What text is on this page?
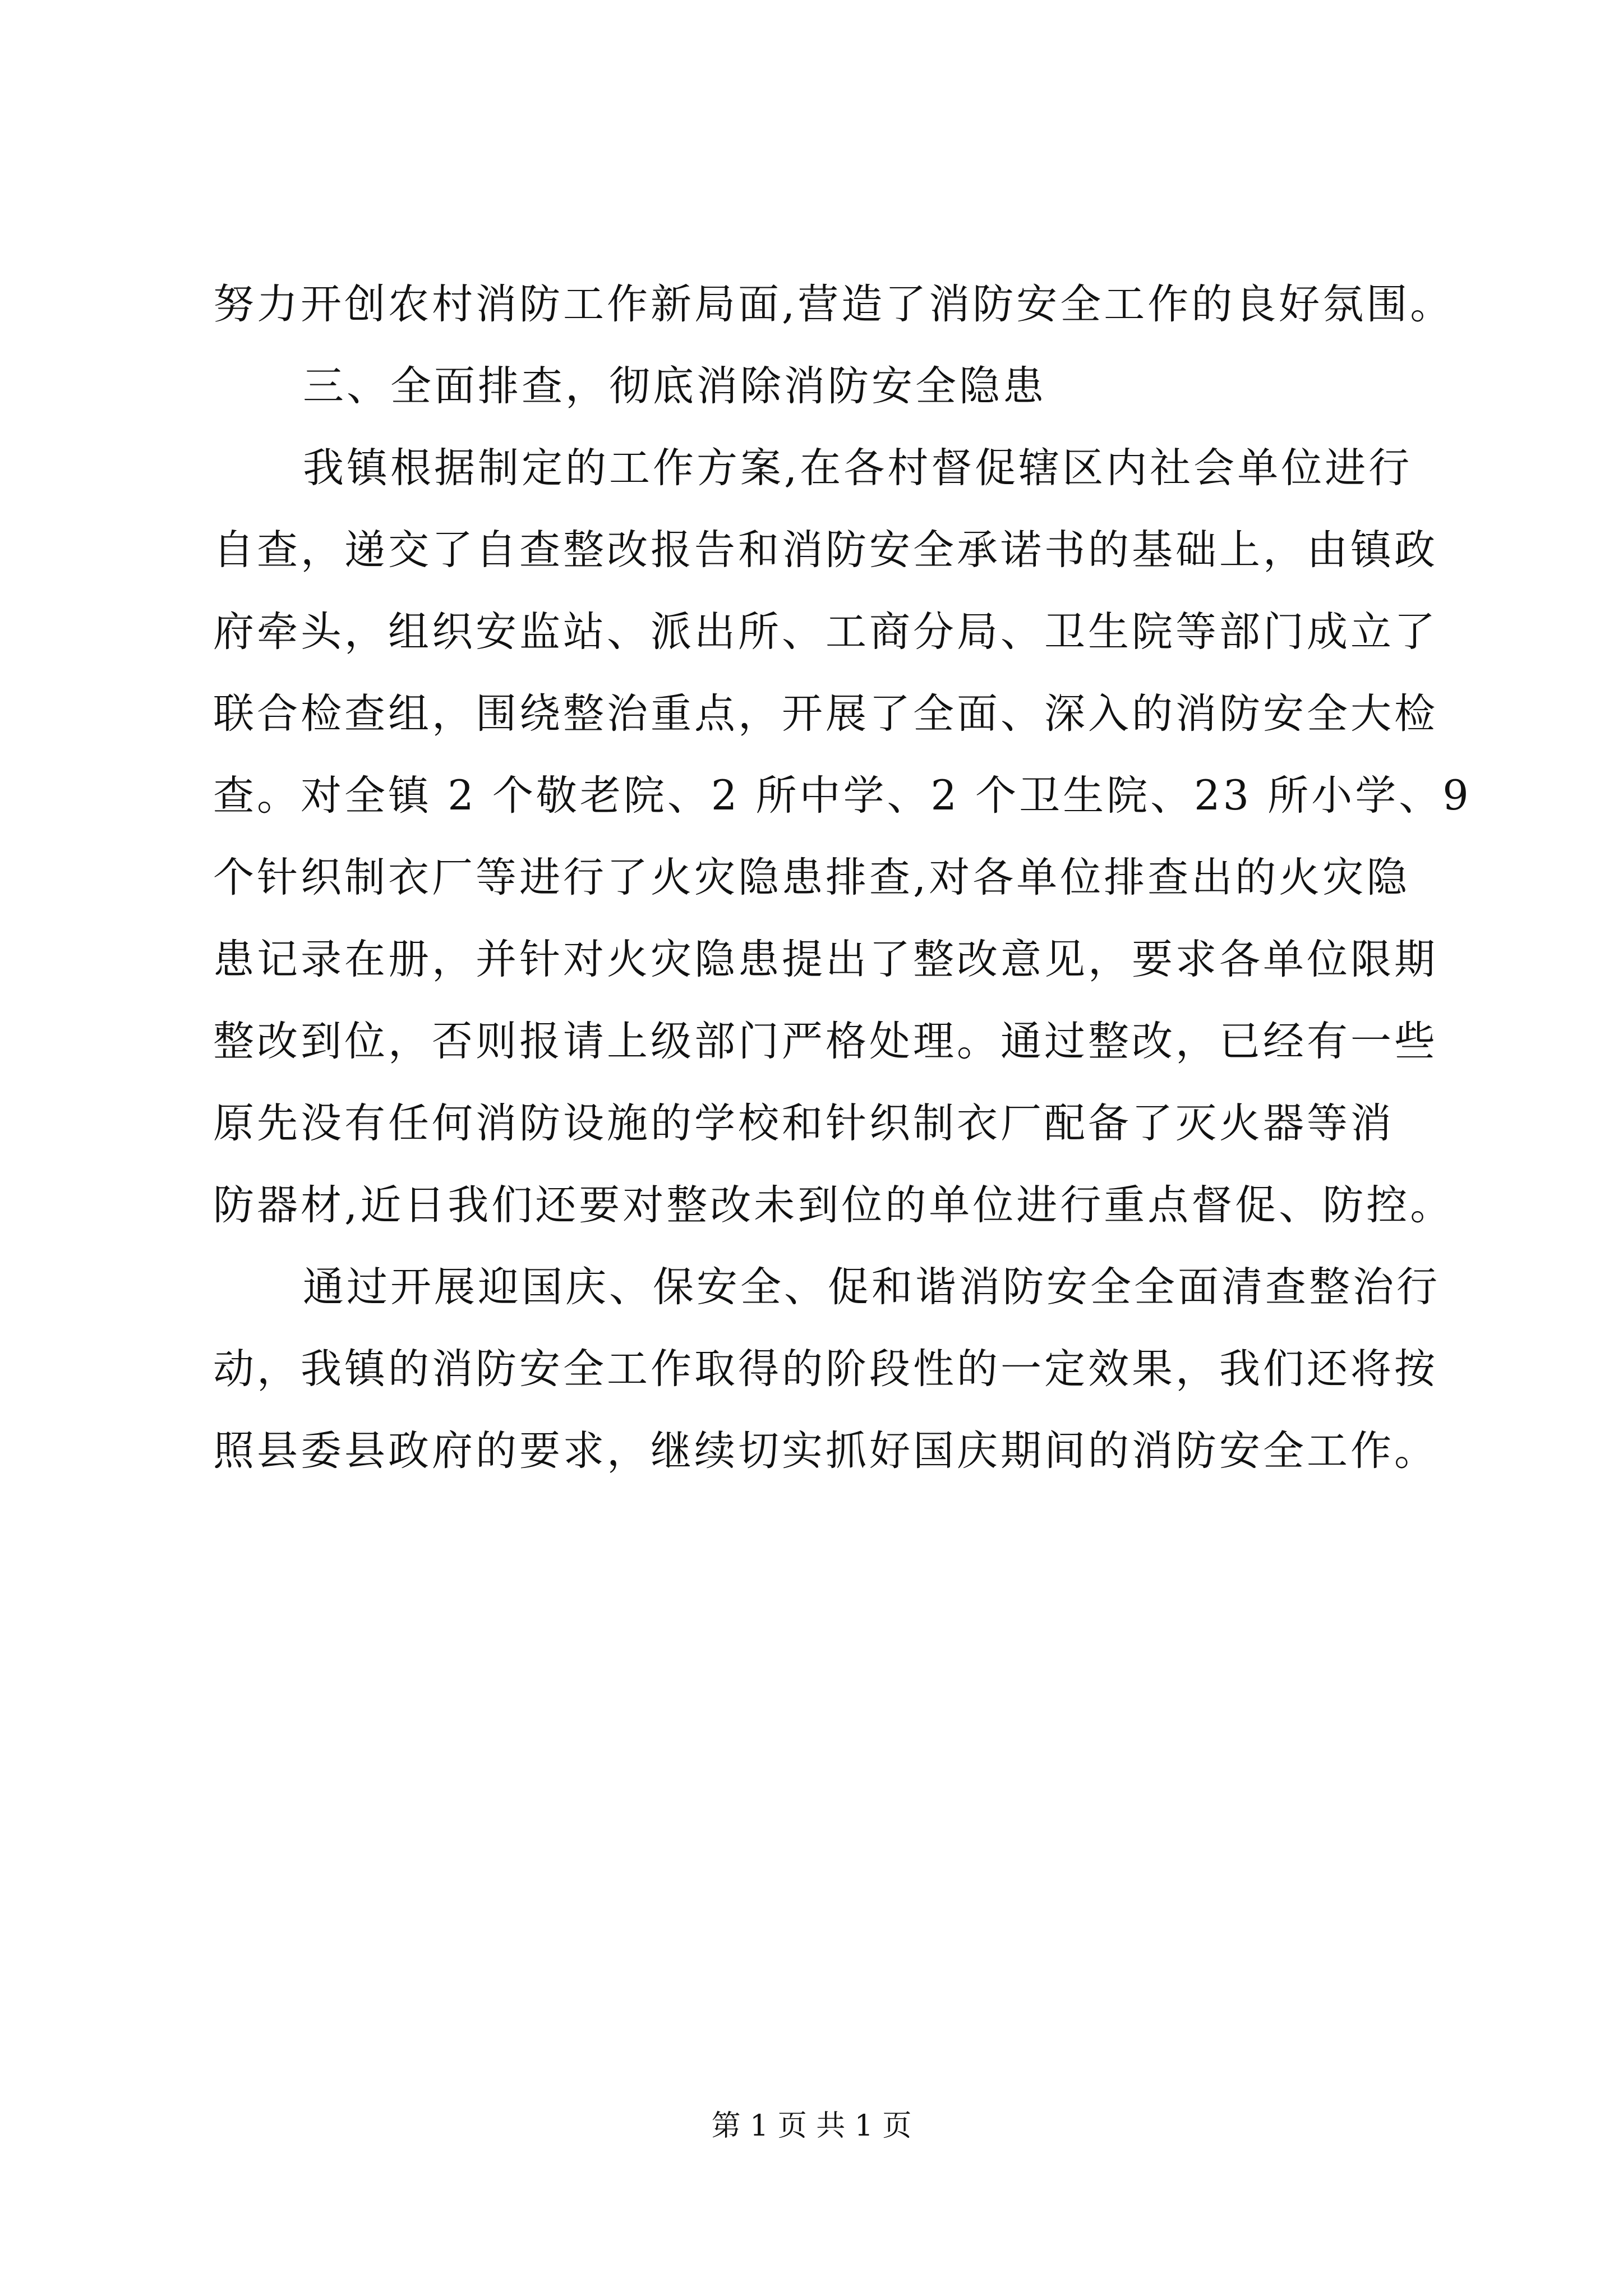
努力开创农村消防工作新局面,营造了消防安全工作的良好氛围。

三、全面排查，彻底消除消防安全隐患

我镇根据制定的工作方案,在各村督促辖区内社会单位进行

自查，递交了自查整改报告和消防安全承诺书的基础上，由镇政

府牵头，组织安监站、派出所、工商分局、卫生院等部门成立了

联合检查组，围绕整治重点，开展了全面、深入的消防安全大检

查。对全镇 2 个敬老院、2 所中学、2 个卫生院、23 所小学、9

个针织制衣厂等进行了火灾隐患排查,对各单位排查出的火灾隐

患记录在册，并针对火灾隐患提出了整改意见，要求各单位限期

整改到位，否则报请上级部门严格处理。通过整改，已经有一些

原先没有任何消防设施的学校和针织制衣厂配备了灭火器等消

防器材,近日我们还要对整改未到位的单位进行重点督促、防控。

通过开展迎国庆、保安全、促和谐消防安全全面清查整治行

动，我镇的消防安全工作取得的阶段性的一定效果，我们还将按

照县委县政府的要求，继续切实抓好国庆期间的消防安全工作。

第 1 页 共 1 页
